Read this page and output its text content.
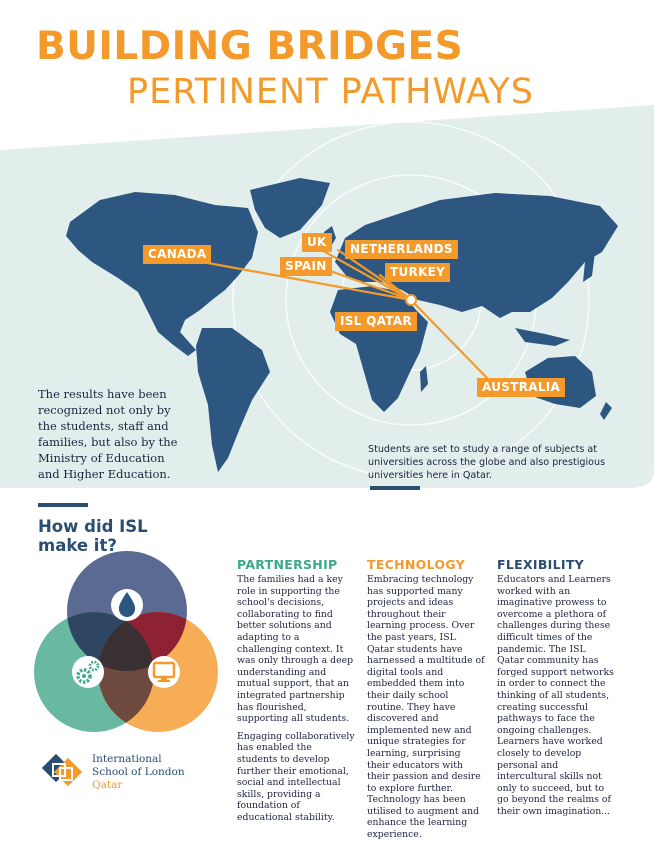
BUILDING BRIDGES
PERTINENT PATHWAYS
CANADA
UK	NETHERLANDS
SPAIN	TURKEY
ISL QATAR
AUSTRALIA
The results have been recognized not only by the students, staff and families, but also by the Ministry of Education and Higher Education.
Students are set to study a range of subjects at universities across the globe and also prestigious universities here in Qatar.
How did ISL make it?
PARTNERSHIP

The families had a key role in supporting the school's decisions, collaborating to find better solutions and adapting to a challenging context. It was only through a deep understanding and mutual support, that an integrated partnership has flourished, supporting all students.

Engaging collaboratively has enabled the students to develop further their emotional, social and intellectual skills, providing a foundation of educational stability.

TECHNOLOGY

Embracing technology has supported many projects and ideas throughout their learning process. Over the past years, ISL Qatar students have harnessed a multitude of digital tools and embedded them into their daily school routine. They have discovered and implemented new and unique strategies for learning, surprising their educators with their passion and desire to explore further. Technology has been utilised to augment and enhance the learning experience.

FLEXIBILITY

Educators and Learners worked with an imaginative prowess to overcome a plethora of challenges during these difficult times of the pandemic. The ISL Qatar community has forged support networks in order to connect the thinking of all students, creating successful pathways to face the ongoing challenges. Learners have worked closely to develop personal and intercultural skills not only to succeed, but to go beyond the realms of their own imagination...

International
School of London
Qatar
